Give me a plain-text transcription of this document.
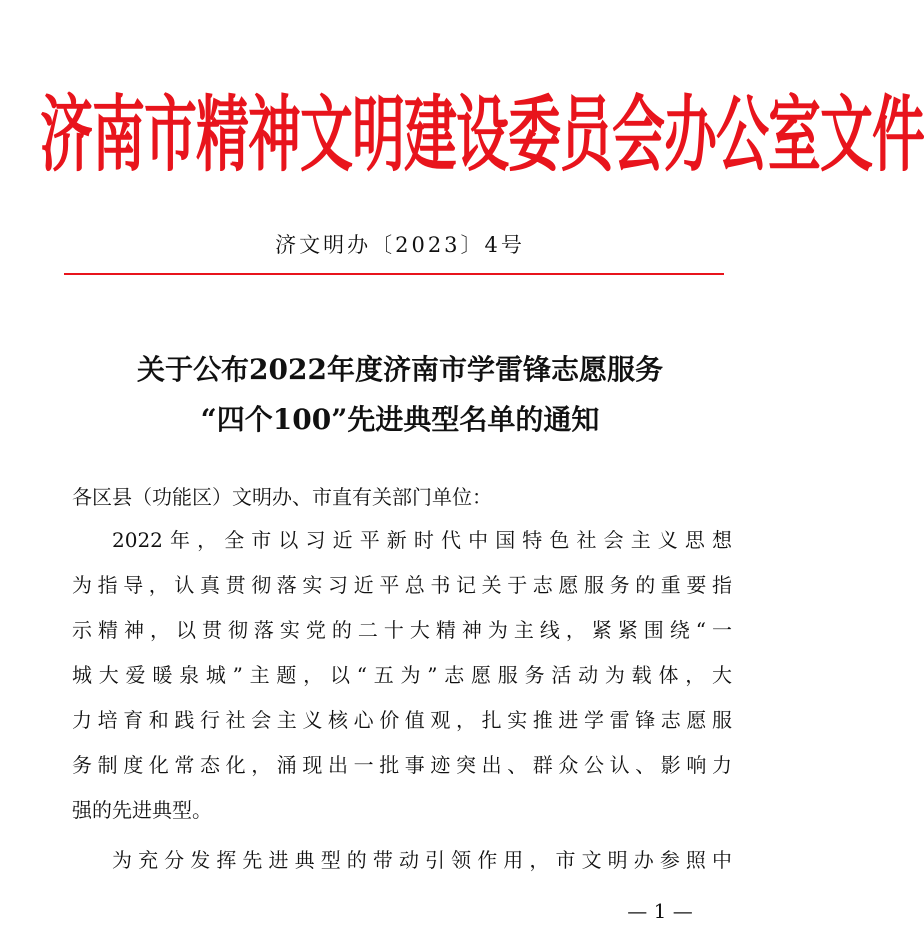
济南市精神文明建设委员会办公室文件
济文明办〔2023〕4号
关于公布2022年度济南市学雷锋志愿服务
“四个100”先进典型名单的通知
各区县（功能区）文明办、市直有关部门单位：
2022年，全市以习近平新时代中国特色社会主义思想
为指导，认真贯彻落实习近平总书记关于志愿服务的重要指
示精神，以贯彻落实党的二十大精神为主线，紧紧围绕“一
城大爱暖泉城”主题，以“五为”志愿服务活动为载体，大
力培育和践行社会主义核心价值观，扎实推进学雷锋志愿服
务制度化常态化，涌现出一批事迹突出、群众公认、影响力
强的先进典型。
为充分发挥先进典型的带动引领作用，市文明办参照中
— 1 —
